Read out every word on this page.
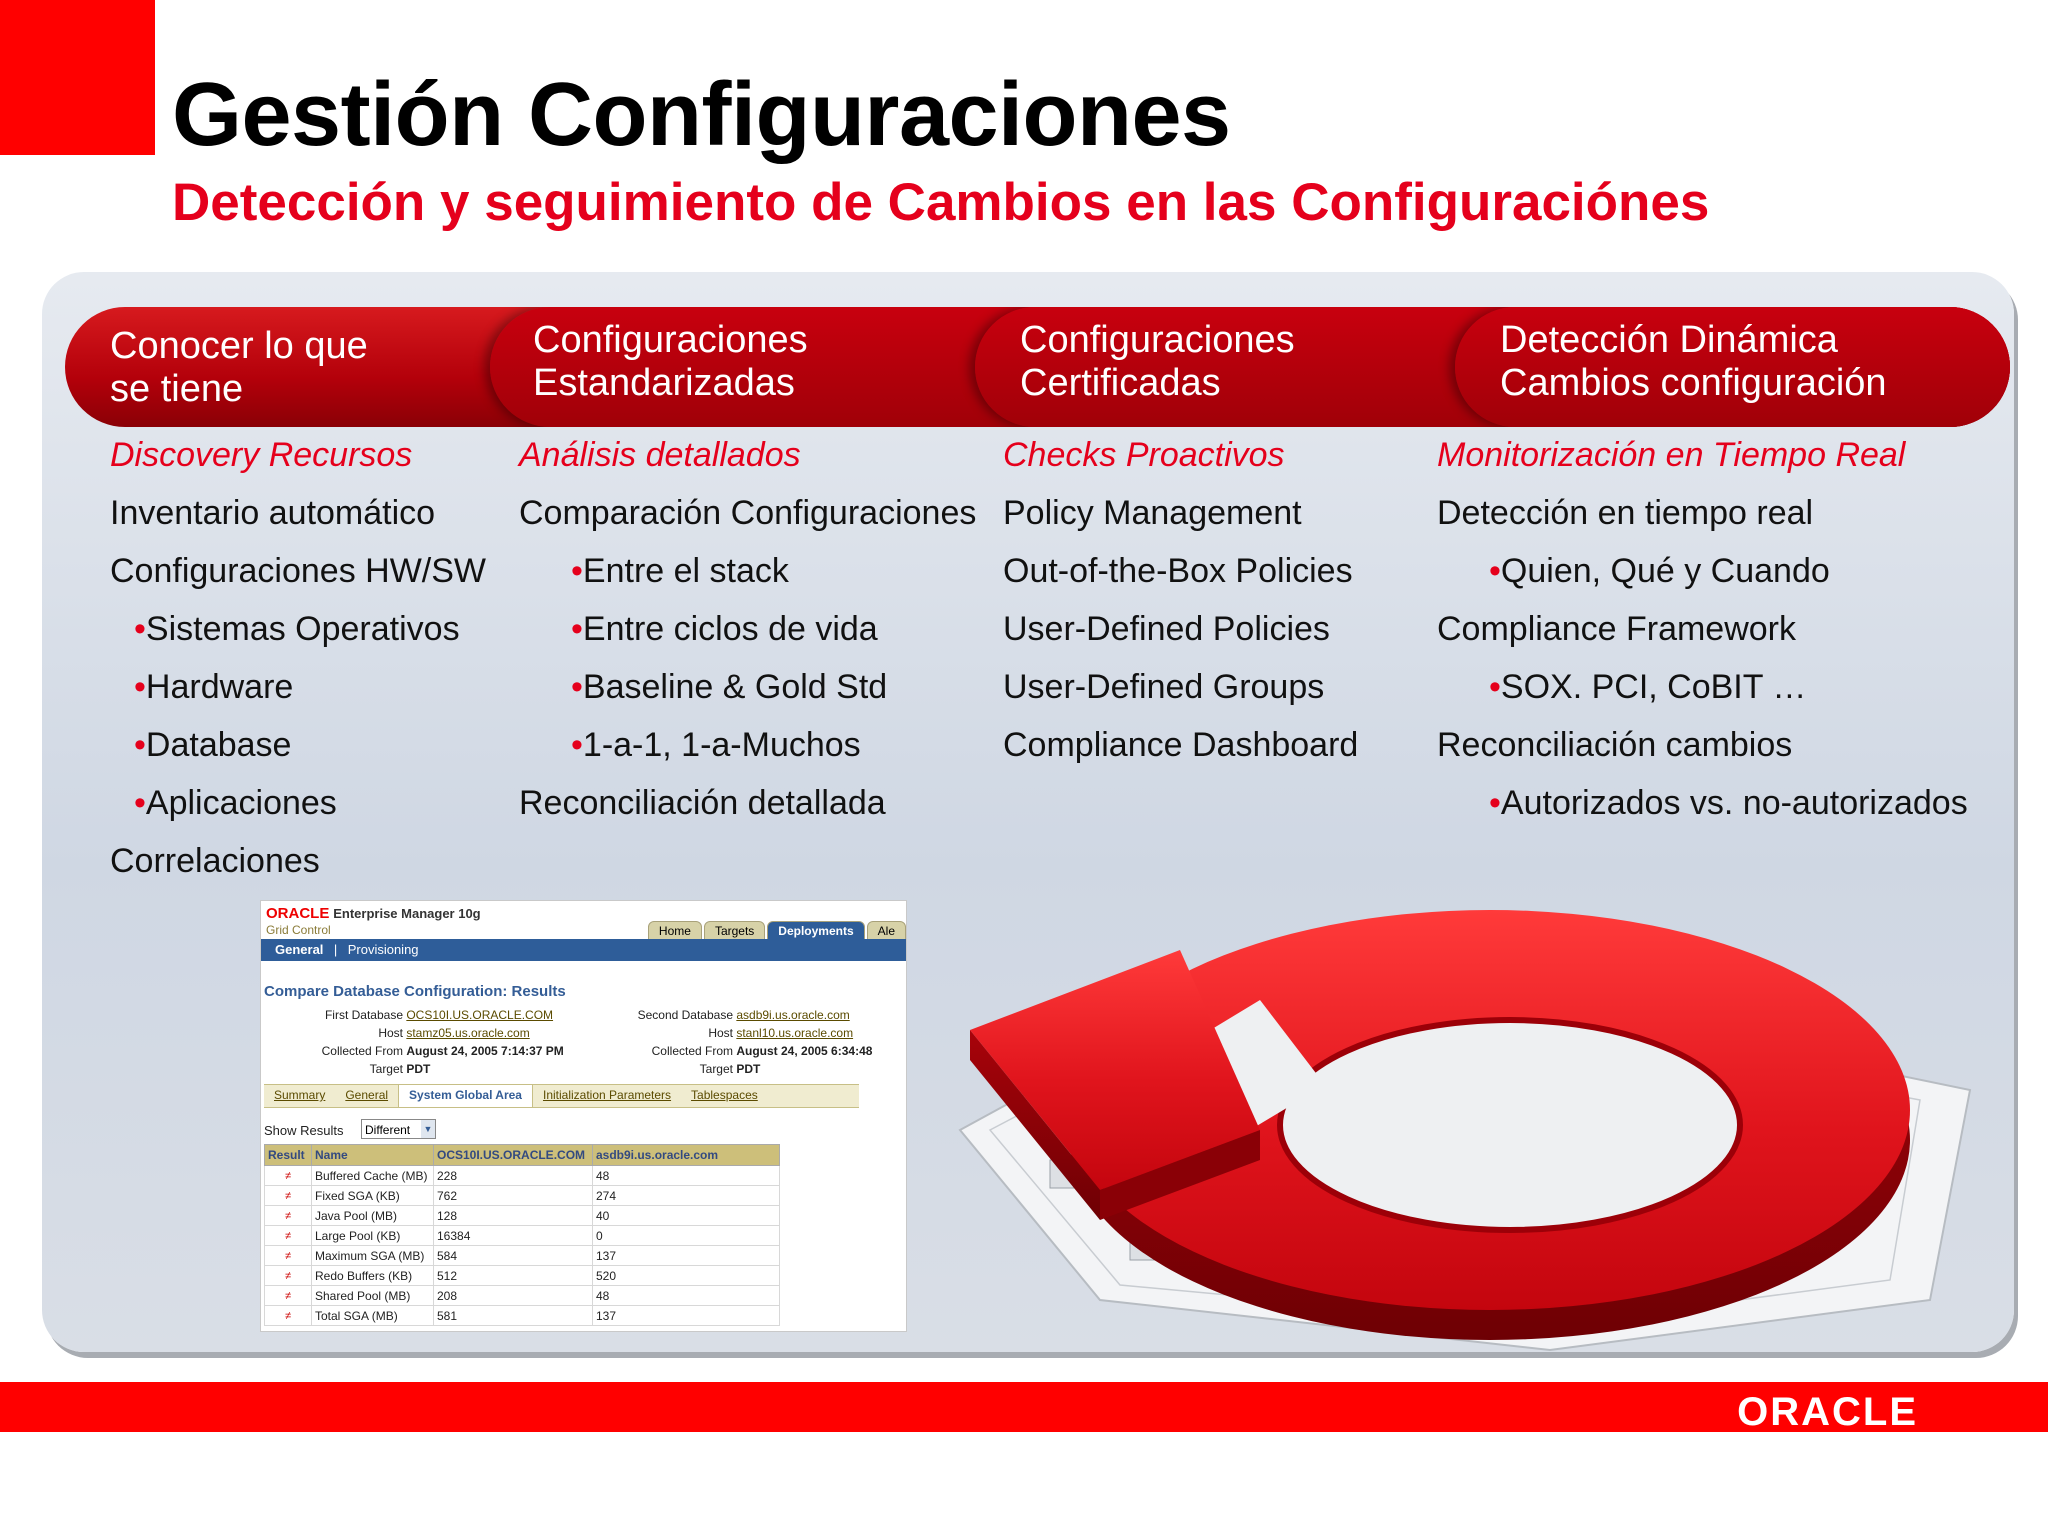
Gestión Configuraciones
Detección y seguimiento de Cambios en las Configuraciónes
Conocer lo que
se tiene
Configuraciones
Estandarizadas
Configuraciones
Certificadas
Detección Dinámica
Cambios configuración
Discovery Recursos
Inventario automático
Configuraciones HW/SW
•Sistemas Operativos
•Hardware
•Database
•Aplicaciones
Correlaciones
Análisis detallados
Comparación Configuraciones
•Entre el stack
•Entre ciclos de vida
•Baseline & Gold Std
•1-a-1, 1-a-Muchos
Reconciliación detallada
Checks Proactivos
Policy Management
Out-of-the-Box Policies
User-Defined Policies
User-Defined Groups
Compliance Dashboard
Monitorización en Tiempo Real
Detección en tiempo real
•Quien, Qué y Cuando
Compliance Framework
•SOX. PCI, CoBIT …
Reconciliación cambios
•Autorizados vs. no-autorizados
ORACLE Enterprise Manager 10g
Grid Control	Home	Targets	Deployments	Ale
General | Provisioning
Compare Database Configuration: Results
First Database OCS10I.US.ORACLE.COM
Host stamz05.us.oracle.com
Collected From August 24, 2005 7:14:37 PM
Target PDT
Second Database asdb9i.us.oracle.com
Host stanl10.us.oracle.com
Collected From August 24, 2005 6:34:48
Target PDT
Summary	General	System Global Area	Initialization Parameters	Tablespaces
Show Results	Different ▼
Result	Name	OCS10I.US.ORACLE.COM	asdb9i.us.oracle.com
≠	Buffered Cache (MB)	228	48
≠	Fixed SGA (KB)	762	274
≠	Java Pool (MB)	128	40
≠	Large Pool (KB)	16384	0
≠	Maximum SGA (MB)	584	137
≠	Redo Buffers (KB)	512	520
≠	Shared Pool (MB)	208	48
≠	Total SGA (MB)	581	137
ORACLE
